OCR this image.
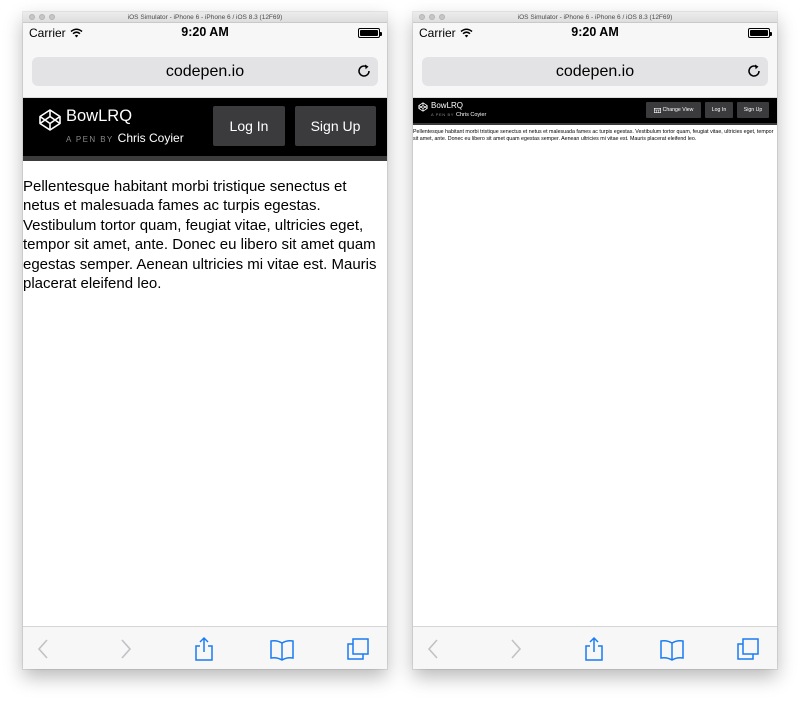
iOS Simulator - iPhone 6 - iPhone 6 / iOS 8.3 (12F69)
Carrier	9:20 AM
codepen.io
BowLRQ
A PEN BY Chris Coyier
Log In	Sign Up

Pellentesque habitant morbi tristique senectus et netus et malesuada fames ac turpis egestas. Vestibulum tortor quam, feugiat vitae, ultricies eget, tempor sit amet, ante. Donec eu libero sit amet quam egestas semper. Aenean ultricies mi vitae est. Mauris placerat eleifend leo.

iOS Simulator - iPhone 6 - iPhone 6 / iOS 8.3 (12F69)
Carrier	9:20 AM
codepen.io
BowLRQ
A PEN BY Chris Coyier
Change View	Log In	Sign Up

Pellentesque habitant morbi tristique senectus et netus et malesuada fames ac turpis egestas. Vestibulum tortor quam, feugiat vitae, ultricies eget, tempor sit amet, ante. Donec eu libero sit amet quam egestas semper. Aenean ultricies mi vitae est. Mauris placerat eleifend leo.
